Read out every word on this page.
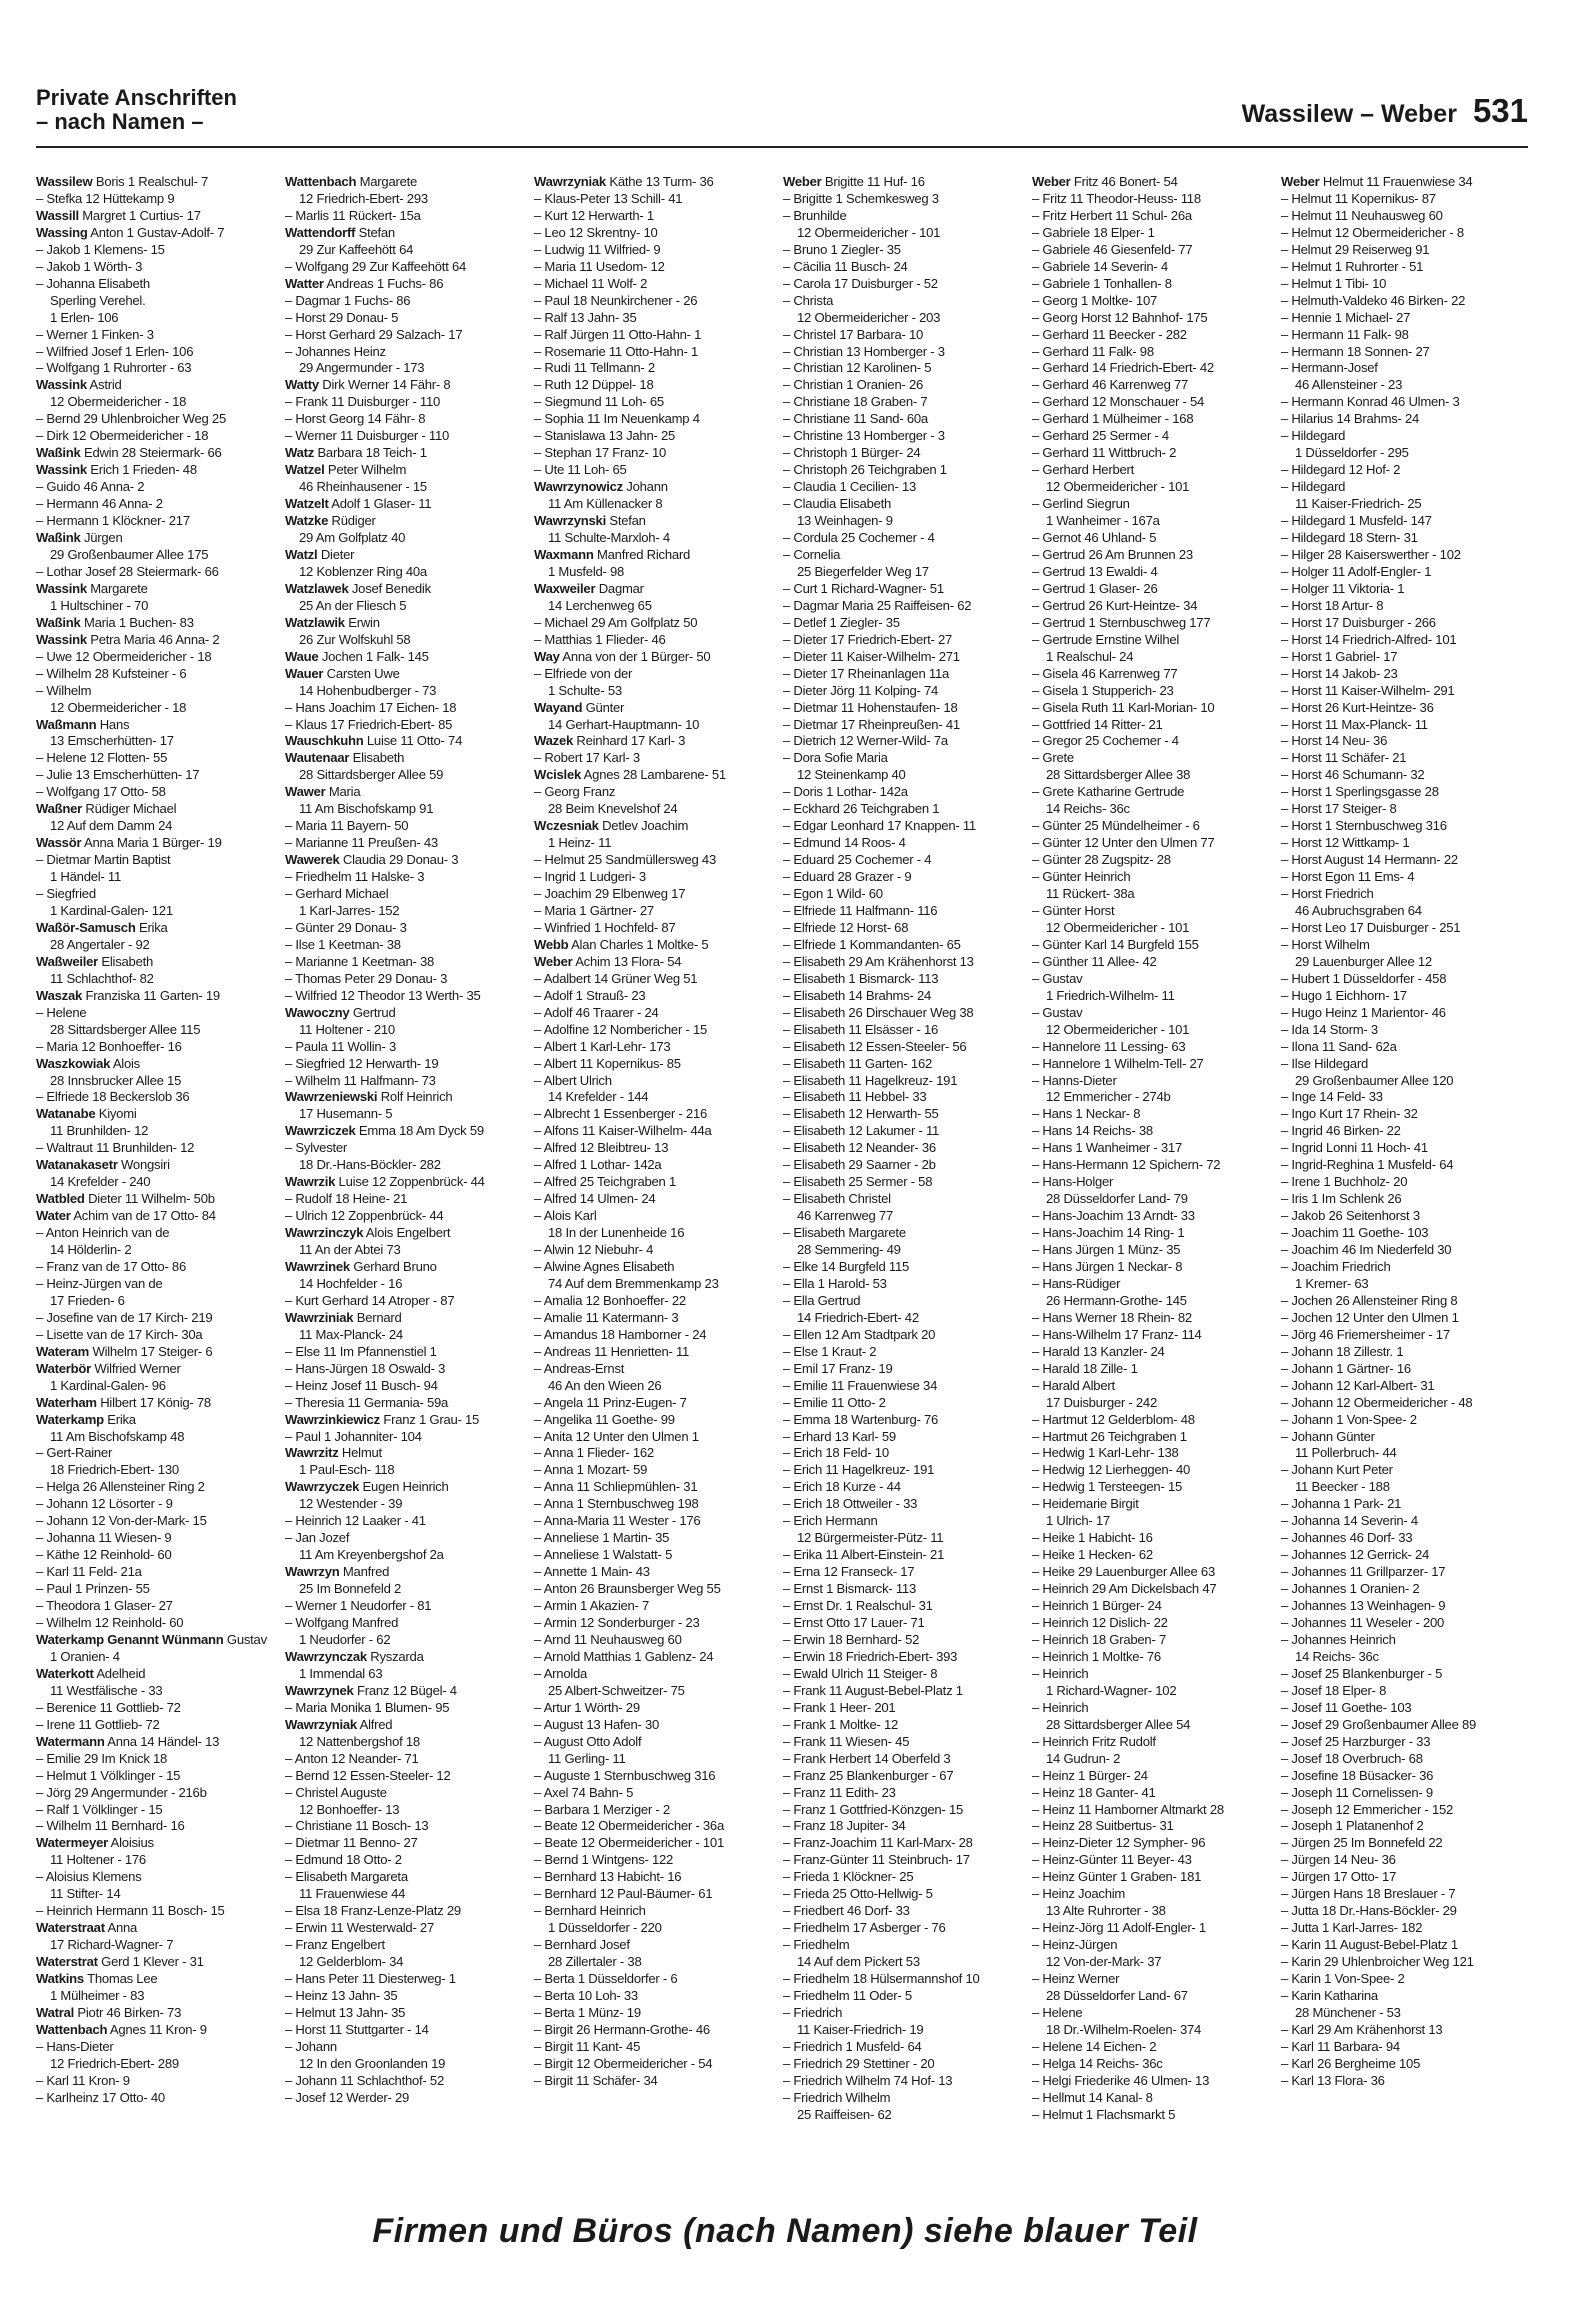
Private Anschriften
– nach Namen –	Wassilew – Weber 531
Wassilew Boris 1 Realschul- 7
– Stefka 12 Hüttekamp 9
Wassill Margret 1 Curtius- 17
Wassing Anton 1 Gustav-Adolf- 7
– Jakob 1 Klemens- 15
– Jakob 1 Wörth- 3
– Johanna Elisabeth
Sperling Verehel.
1 Erlen- 106
– Werner 1 Finken- 3
– Wilfried Josef 1 Erlen- 106
– Wolfgang 1 Ruhrorter - 63
Wassink Astrid
12 Obermeidericher - 18
– Bernd 29 Uhlenbroicher Weg 25
– Dirk 12 Obermeidericher - 18
Waßink Edwin 28 Steiermark- 66
Wassink Erich 1 Frieden- 48
– Guido 46 Anna- 2
– Hermann 46 Anna- 2
– Hermann 1 Klöckner- 217
Waßink Jürgen
29 Großenbaumer Allee 175
– Lothar Josef 28 Steiermark- 66
Wassink Margarete
1 Hultschiner - 70
Waßink Maria 1 Buchen- 83
Wassink Petra Maria 46 Anna- 2
– Uwe 12 Obermeidericher - 18
– Wilhelm 28 Kufsteiner - 6
– Wilhelm
12 Obermeidericher - 18
Waßmann Hans
13 Emscherhütten- 17
– Helene 12 Flotten- 55
– Julie 13 Emscherhütten- 17
– Wolfgang 17 Otto- 58
Waßner Rüdiger Michael
12 Auf dem Damm 24
Wassör Anna Maria 1 Bürger- 19
– Dietmar Martin Baptist
1 Händel- 11
– Siegfried
1 Kardinal-Galen- 121
Waßör-Samusch Erika
28 Angertaler - 92
Waßweiler Elisabeth
11 Schlachthof- 82
Waszak Franziska 11 Garten- 19
– Helene
28 Sittardsberger Allee 115
– Maria 12 Bonhoeffer- 16
Waszkowiak Alois
28 Innsbrucker Allee 15
– Elfriede 18 Beckerslob 36
Watanabe Kiyomi
11 Brunhilden- 12
– Waltraut 11 Brunhilden- 12
Watanakasetr Wongsiri
14 Krefelder - 240
Watbled Dieter 11 Wilhelm- 50b
Water Achim van de 17 Otto- 84
– Anton Heinrich van de
14 Hölderlin- 2
– Franz van de 17 Otto- 86
– Heinz-Jürgen van de
17 Frieden- 6
– Josefine van de 17 Kirch- 219
– Lisette van de 17 Kirch- 30a
Wateram Wilhelm 17 Steiger- 6
Waterbör Wilfried Werner
1 Kardinal-Galen- 96
Waterham Hilbert 17 König- 78
Waterkamp Erika
11 Am Bischofskamp 48
– Gert-Rainer
18 Friedrich-Ebert- 130
– Helga 26 Allensteiner Ring 2
– Johann 12 Lösorter - 9
– Johann 12 Von-der-Mark- 15
– Johanna 11 Wiesen- 9
– Käthe 12 Reinhold- 60
– Karl 11 Feld- 21a
– Paul 1 Prinzen- 55
– Theodora 1 Glaser- 27
– Wilhelm 12 Reinhold- 60
Waterkamp Genannt Wünmann Gustav
1 Oranien- 4
Waterkott Adelheid
11 Westfälische - 33
– Berenice 11 Gottlieb- 72
– Irene 11 Gottlieb- 72
Watermann Anna 14 Händel- 13
– Emilie 29 Im Knick 18
– Helmut 1 Völklinger - 15
– Jörg 29 Angermunder - 216b
– Ralf 1 Völklinger - 15
– Wilhelm 11 Bernhard- 16
Watermeyer Aloisius
11 Holtener - 176
– Aloisius Klemens
11 Stifter- 14
– Heinrich Hermann 11 Bosch- 15
Waterstraat Anna
17 Richard-Wagner- 7
Waterstrat Gerd 1 Klever - 31
Watkins Thomas Lee
1 Mülheimer - 83
Watral Piotr 46 Birken- 73
Wattenbach Agnes 11 Kron- 9
– Hans-Dieter
12 Friedrich-Ebert- 289
– Karl 11 Kron- 9
– Karlheinz 17 Otto- 40
Wattenbach Margarete
12 Friedrich-Ebert- 293
– Marlis 11 Rückert- 15a
Wattendorff Stefan
29 Zur Kaffeehött 64
– Wolfgang 29 Zur Kaffeehött 64
Watter Andreas 1 Fuchs- 86
– Dagmar 1 Fuchs- 86
– Horst 29 Donau- 5
– Horst Gerhard 29 Salzach- 17
– Johannes Heinz
29 Angermunder - 173
Watty Dirk Werner 14 Fähr- 8
– Frank 11 Duisburger - 110
– Horst Georg 14 Fähr- 8
– Werner 11 Duisburger - 110
Watz Barbara 18 Teich- 1
Watzel Peter Wilhelm
46 Rheinhausener - 15
Watzelt Adolf 1 Glaser- 11
Watzke Rüdiger
29 Am Golfplatz 40
Watzl Dieter
12 Koblenzer Ring 40a
Watzlawek Josef Benedik
25 An der Fliesch 5
Watzlawik Erwin
26 Zur Wolfskuhl 58
Waue Jochen 1 Falk- 145
Wauer Carsten Uwe
14 Hohenbudberger - 73
– Hans Joachim 17 Eichen- 18
– Klaus 17 Friedrich-Ebert- 85
Wauschkuhn Luise 11 Otto- 74
Wautenaar Elisabeth
28 Sittardsberger Allee 59
Wawer Maria
11 Am Bischofskamp 91
– Maria 11 Bayern- 50
– Marianne 11 Preußen- 43
Wawerek Claudia 29 Donau- 3
– Friedhelm 11 Halske- 3
– Gerhard Michael
1 Karl-Jarres- 152
– Günter 29 Donau- 3
– Ilse 1 Keetman- 38
– Marianne 1 Keetman- 38
– Thomas Peter 29 Donau- 3
– Wilfried 12 Theodor 13 Werth- 35
Wawoczny Gertrud
11 Holtener - 210
– Paula 11 Wollin- 3
– Siegfried 12 Herwarth- 19
– Wilhelm 11 Halfmann- 73
Wawrzeniewski Rolf Heinrich
17 Husemann- 5
Wawrziczek Emma 18 Am Dyck 59
– Sylvester
18 Dr.-Hans-Böckler- 282
Wawrzik Luise 12 Zoppenbrück- 44
– Rudolf 18 Heine- 21
– Ulrich 12 Zoppenbrück- 44
Wawrzinczyk Alois Engelbert
11 An der Abtei 73
Wawrzinek Gerhard Bruno
14 Hochfelder - 16
– Kurt Gerhard 14 Atroper - 87
Wawrziniak Bernard
11 Max-Planck- 24
– Else 11 Im Pfannenstiel 1
– Hans-Jürgen 18 Oswald- 3
– Heinz Josef 11 Busch- 94
– Theresia 11 Germania- 59a
Wawrzinkiewicz Franz 1 Grau- 15
– Paul 1 Johanniter- 104
Wawrzitz Helmut
1 Paul-Esch- 118
Wawrzyczek Eugen Heinrich
12 Westender - 39
– Heinrich 12 Laaker - 41
– Jan Jozef
11 Am Kreyenbergshof 2a
Wawrzyn Manfred
25 Im Bonnefeld 2
– Werner 1 Neudorfer - 81
– Wolfgang Manfred
1 Neudorfer - 62
Wawrzynczak Ryszarda
1 Immendal 63
Wawrzynek Franz 12 Bügel- 4
– Maria Monika 1 Blumen- 95
Wawrzyniak Alfred
12 Nattenbergshof 18
– Anton 12 Neander- 71
– Bernd 12 Essen-Steeler- 12
– Christel Auguste
12 Bonhoeffer- 13
– Christiane 11 Bosch- 13
– Dietmar 11 Benno- 27
– Edmund 18 Otto- 2
– Elisabeth Margareta
11 Frauenwiese 44
– Elsa 18 Franz-Lenze-Platz 29
– Erwin 11 Westerwald- 27
– Franz Engelbert
12 Gelderblom- 34
– Hans Peter 11 Diesterweg- 1
– Heinz 13 Jahn- 35
– Helmut 13 Jahn- 35
– Horst 11 Stuttgarter - 14
– Johann
12 In den Groonlanden 19
– Johann 11 Schlachthof- 52
– Josef 12 Werder- 29
Wawrzyniak Käthe 13 Turm- 36
– Klaus-Peter 13 Schill- 41
– Kurt 12 Herwarth- 1
– Leo 12 Skrentny- 10
– Ludwig 11 Wilfried- 9
– Maria 11 Usedom- 12
– Michael 11 Wolf- 2
– Paul 18 Neunkirchener - 26
– Ralf 13 Jahn- 35
– Ralf Jürgen 11 Otto-Hahn- 1
– Rosemarie 11 Otto-Hahn- 1
– Rudi 11 Tellmann- 2
– Ruth 12 Düppel- 18
– Siegmund 11 Loh- 65
– Sophia 11 Im Neuenkamp 4
– Stanislawa 13 Jahn- 25
– Stephan 17 Franz- 10
– Ute 11 Loh- 65
Wawrzynowicz Johann
11 Am Küllenacker 8
Wawrzynski Stefan
11 Schulte-Marxloh- 4
Waxmann Manfred Richard
1 Musfeld- 98
Waxweiler Dagmar
14 Lerchenweg 65
– Michael 29 Am Golfplatz 50
– Matthias 1 Flieder- 46
Way Anna von der 1 Bürger- 50
– Elfriede von der
1 Schulte- 53
Wayand Günter
14 Gerhart-Hauptmann- 10
Wazek Reinhard 17 Karl- 3
– Robert 17 Karl- 3
Wcislek Agnes 28 Lambarene- 51
– Georg Franz
28 Beim Knevelshof 24
Wczesniak Detlev Joachim
1 Heinz- 11
– Helmut 25 Sandmüllersweg 43
– Ingrid 1 Ludgeri- 3
– Joachim 29 Elbenweg 17
– Maria 1 Gärtner- 27
– Winfried 1 Hochfeld- 87
Webb Alan Charles 1 Moltke- 5
Weber Achim 13 Flora- 54
– Adalbert 14 Grüner Weg 51
– Adolf 1 Strauß- 23
– Adolf 46 Traarer - 24
– Adolfine 12 Nombericher - 15
– Albert 1 Karl-Lehr- 173
– Albert 11 Kopernikus- 85
– Albert Ulrich
14 Krefelder - 144
– Albrecht 1 Essenberger - 216
– Alfons 11 Kaiser-Wilhelm- 44a
– Alfred 12 Bleibtreu- 13
– Alfred 1 Lothar- 142a
– Alfred 25 Teichgraben 1
– Alfred 14 Ulmen- 24
– Alois Karl
18 In der Lunenheide 16
– Alwin 12 Niebuhr- 4
– Alwine Agnes Elisabeth
74 Auf dem Bremmenkamp 23
– Amalia 12 Bonhoeffer- 22
– Amalie 11 Katermann- 3
– Amandus 18 Hamborner - 24
– Andreas 11 Henrietten- 11
– Andreas-Ernst
46 An den Wieen 26
– Angela 11 Prinz-Eugen- 7
– Angelika 11 Goethe- 99
– Anita 12 Unter den Ulmen 1
– Anna 1 Flieder- 162
– Anna 1 Mozart- 59
– Anna 11 Schliepmühlen- 31
– Anna 1 Sternbuschweg 198
– Anna-Maria 11 Wester - 176
– Anneliese 1 Martin- 35
– Anneliese 1 Walstatt- 5
– Annette 1 Main- 43
– Anton 26 Braunsberger Weg 55
– Armin 1 Akazien- 7
– Armin 12 Sonderburger - 23
– Arnd 11 Neuhausweg 60
– Arnold Matthias 1 Gablenz- 24
– Arnolda
25 Albert-Schweitzer- 75
– Artur 1 Wörth- 29
– August 13 Hafen- 30
– August Otto Adolf
11 Gerling- 11
– Auguste 1 Sternbuschweg 316
– Axel 74 Bahn- 5
– Barbara 1 Merziger - 2
– Beate 12 Obermeidericher - 36a
– Beate 12 Obermeidericher - 101
– Bernd 1 Wintgens- 122
– Bernhard 13 Habicht- 16
– Bernhard 12 Paul-Bäumer- 61
– Bernhard Heinrich
1 Düsseldorfer - 220
– Bernhard Josef
28 Zillertaler - 38
– Berta 1 Düsseldorfer - 6
– Berta 10 Loh- 33
– Berta 1 Münz- 19
– Birgit 26 Hermann-Grothe- 46
– Birgit 11 Kant- 45
– Birgit 12 Obermeidericher - 54
– Birgit 11 Schäfer- 34
Weber Brigitte 11 Huf- 16
– Brigitte 1 Schemkesweg 3
– Brunhilde
12 Obermeidericher - 101
– Bruno 1 Ziegler- 35
– Cäcilia 11 Busch- 24
– Carola 17 Duisburger - 52
– Christa
12 Obermeidericher - 203
– Christel 17 Barbara- 10
– Christian 13 Homberger - 3
– Christian 12 Karolinen- 5
– Christian 1 Oranien- 26
– Christiane 18 Graben- 7
– Christiane 11 Sand- 60a
– Christine 13 Homberger - 3
– Christoph 1 Bürger- 24
– Christoph 26 Teichgraben 1
– Claudia 1 Cecilien- 13
– Claudia Elisabeth
13 Weinhagen- 9
– Cordula 25 Cochemer - 4
– Cornelia
25 Biegerfelder Weg 17
– Curt 1 Richard-Wagner- 51
– Dagmar Maria 25 Raiffeisen- 62
– Detlef 1 Ziegler- 35
– Dieter 17 Friedrich-Ebert- 27
– Dieter 11 Kaiser-Wilhelm- 271
– Dieter 17 Rheinanlagen 11a
– Dieter Jörg 11 Kolping- 74
– Dietmar 11 Hohenstaufen- 18
– Dietmar 17 Rheinpreußen- 41
– Dietrich 12 Werner-Wild- 7a
– Dora Sofie Maria
12 Steinenkamp 40
– Doris 1 Lothar- 142a
– Eckhard 26 Teichgraben 1
– Edgar Leonhard 17 Knappen- 11
– Edmund 14 Roos- 4
– Eduard 25 Cochemer - 4
– Eduard 28 Grazer - 9
– Egon 1 Wild- 60
– Elfriede 11 Halfmann- 116
– Elfriede 12 Horst- 68
– Elfriede 1 Kommandanten- 65
– Elisabeth 29 Am Krähenhorst 13
– Elisabeth 1 Bismarck- 113
– Elisabeth 14 Brahms- 24
– Elisabeth 26 Dirschauer Weg 38
– Elisabeth 11 Elsässer - 16
– Elisabeth 12 Essen-Steeler- 56
– Elisabeth 11 Garten- 162
– Elisabeth 11 Hagelkreuz- 191
– Elisabeth 11 Hebbel- 33
– Elisabeth 12 Herwarth- 55
– Elisabeth 12 Lakumer - 11
– Elisabeth 12 Neander- 36
– Elisabeth 29 Saarner - 2b
– Elisabeth 25 Sermer - 58
– Elisabeth Christel
46 Karrenweg 77
– Elisabeth Margarete
28 Semmering- 49
– Elke 14 Burgfeld 115
– Ella 1 Harold- 53
– Ella Gertrud
14 Friedrich-Ebert- 42
– Ellen 12 Am Stadtpark 20
– Else 1 Kraut- 2
– Emil 17 Franz- 19
– Emilie 11 Frauenwiese 34
– Emilie 11 Otto- 2
– Emma 18 Wartenburg- 76
– Erhard 13 Karl- 59
– Erich 18 Feld- 10
– Erich 11 Hagelkreuz- 191
– Erich 18 Kurze - 44
– Erich 18 Ottweiler - 33
– Erich Hermann
12 Bürgermeister-Pütz- 11
– Erika 11 Albert-Einstein- 21
– Erna 12 Franseck- 17
– Ernst 1 Bismarck- 113
– Ernst Dr. 1 Realschul- 31
– Ernst Otto 17 Lauer- 71
– Erwin 18 Bernhard- 52
– Erwin 18 Friedrich-Ebert- 393
– Ewald Ulrich 11 Steiger- 8
– Frank 11 August-Bebel-Platz 1
– Frank 1 Heer- 201
– Frank 1 Moltke- 12
– Frank 11 Wiesen- 45
– Frank Herbert 14 Oberfeld 3
– Franz 25 Blankenburger - 67
– Franz 11 Edith- 23
– Franz 1 Gottfried-Könzgen- 15
– Franz 18 Jupiter- 34
– Franz-Joachim 11 Karl-Marx- 28
– Franz-Günter 11 Steinbruch- 17
– Frieda 1 Klöckner- 25
– Frieda 25 Otto-Hellwig- 5
– Friedbert 46 Dorf- 33
– Friedhelm 17 Asberger - 76
– Friedhelm
14 Auf dem Pickert 53
– Friedhelm 18 Hülsermannshof 10
– Friedhelm 11 Oder- 5
– Friedrich
11 Kaiser-Friedrich- 19
– Friedrich 1 Musfeld- 64
– Friedrich 29 Stettiner - 20
– Friedrich Wilhelm 74 Hof- 13
– Friedrich Wilhelm
25 Raiffeisen- 62
Weber Fritz 46 Bonert- 54
– Fritz 11 Theodor-Heuss- 118
– Fritz Herbert 11 Schul- 26a
– Gabriele 18 Elper- 1
– Gabriele 46 Giesenfeld- 77
– Gabriele 14 Severin- 4
– Gabriele 1 Tonhallen- 8
– Georg 1 Moltke- 107
– Georg Horst 12 Bahnhof- 175
– Gerhard 11 Beecker - 282
– Gerhard 11 Falk- 98
– Gerhard 14 Friedrich-Ebert- 42
– Gerhard 46 Karrenweg 77
– Gerhard 12 Monschauer - 54
– Gerhard 1 Mülheimer - 168
– Gerhard 25 Sermer - 4
– Gerhard 11 Wittbruch- 2
– Gerhard Herbert
12 Obermeidericher - 101
– Gerlind Siegrun
1 Wanheimer - 167a
– Gernot 46 Uhland- 5
– Gertrud 26 Am Brunnen 23
– Gertrud 13 Ewaldi- 4
– Gertrud 1 Glaser- 26
– Gertrud 26 Kurt-Heintze- 34
– Gertrud 1 Sternbuschweg 177
– Gertrude Ernstine Wilhel
1 Realschul- 24
– Gisela 46 Karrenweg 77
– Gisela 1 Stupperich- 23
– Gisela Ruth 11 Karl-Morian- 10
– Gottfried 14 Ritter- 21
– Gregor 25 Cochemer - 4
– Grete
28 Sittardsberger Allee 38
– Grete Katharine Gertrude
14 Reichs- 36c
– Günter 25 Mündelheimer - 6
– Günter 12 Unter den Ulmen 77
– Günter 28 Zugspitz- 28
– Günter Heinrich
11 Rückert- 38a
– Günter Horst
12 Obermeidericher - 101
– Günter Karl 14 Burgfeld 155
– Günther 11 Allee- 42
– Gustav
1 Friedrich-Wilhelm- 11
– Gustav
12 Obermeidericher - 101
– Hannelore 11 Lessing- 63
– Hannelore 1 Wilhelm-Tell- 27
– Hanns-Dieter
12 Emmericher - 274b
– Hans 1 Neckar- 8
– Hans 14 Reichs- 38
– Hans 1 Wanheimer - 317
– Hans-Hermann 12 Spichern- 72
– Hans-Holger
28 Düsseldorfer Land- 79
– Hans-Joachim 13 Arndt- 33
– Hans-Joachim 14 Ring- 1
– Hans Jürgen 1 Münz- 35
– Hans Jürgen 1 Neckar- 8
– Hans-Rüdiger
26 Hermann-Grothe- 145
– Hans Werner 18 Rhein- 82
– Hans-Wilhelm 17 Franz- 114
– Harald 13 Kanzler- 24
– Harald 18 Zille- 1
– Harald Albert
17 Duisburger - 242
– Hartmut 12 Gelderblom- 48
– Hartmut 26 Teichgraben 1
– Hedwig 1 Karl-Lehr- 138
– Hedwig 12 Lierheggen- 40
– Hedwig 1 Tersteegen- 15
– Heidemarie Birgit
1 Ulrich- 17
– Heike 1 Habicht- 16
– Heike 1 Hecken- 62
– Heike 29 Lauenburger Allee 63
– Heinrich 29 Am Dickelsbach 47
– Heinrich 1 Bürger- 24
– Heinrich 12 Dislich- 22
– Heinrich 18 Graben- 7
– Heinrich 1 Moltke- 76
– Heinrich
1 Richard-Wagner- 102
– Heinrich
28 Sittardsberger Allee 54
– Heinrich Fritz Rudolf
14 Gudrun- 2
– Heinz 1 Bürger- 24
– Heinz 18 Ganter- 41
– Heinz 11 Hamborner Altmarkt 28
– Heinz 28 Suitbertus- 31
– Heinz-Dieter 12 Sympher- 96
– Heinz-Günter 11 Beyer- 43
– Heinz Günter 1 Graben- 181
– Heinz Joachim
13 Alte Ruhrorter - 38
– Heinz-Jörg 11 Adolf-Engler- 1
– Heinz-Jürgen
12 Von-der-Mark- 37
– Heinz Werner
28 Düsseldorfer Land- 67
– Helene
18 Dr.-Wilhelm-Roelen- 374
– Helene 14 Eichen- 2
– Helga 14 Reichs- 36c
– Helgi Friederike 46 Ulmen- 13
– Hellmut 14 Kanal- 8
– Helmut 1 Flachsmarkt 5
Weber Helmut 11 Frauenwiese 34
– Helmut 11 Kopernikus- 87
– Helmut 11 Neuhausweg 60
– Helmut 12 Obermeidericher - 8
– Helmut 29 Reiserweg 91
– Helmut 1 Ruhrorter - 51
– Helmut 1 Tibi- 10
– Helmuth-Valdeko 46 Birken- 22
– Hennie 1 Michael- 27
– Hermann 11 Falk- 98
– Hermann 18 Sonnen- 27
– Hermann-Josef
46 Allensteiner - 23
– Hermann Konrad 46 Ulmen- 3
– Hilarius 14 Brahms- 24
– Hildegard
1 Düsseldorfer - 295
– Hildegard 12 Hof- 2
– Hildegard
11 Kaiser-Friedrich- 25
– Hildegard 1 Musfeld- 147
– Hildegard 18 Stern- 31
– Hilger 28 Kaiserswerther - 102
– Holger 11 Adolf-Engler- 1
– Holger 11 Viktoria- 1
– Horst 18 Artur- 8
– Horst 17 Duisburger - 266
– Horst 14 Friedrich-Alfred- 101
– Horst 1 Gabriel- 17
– Horst 14 Jakob- 23
– Horst 11 Kaiser-Wilhelm- 291
– Horst 26 Kurt-Heintze- 36
– Horst 11 Max-Planck- 11
– Horst 14 Neu- 36
– Horst 11 Schäfer- 21
– Horst 46 Schumann- 32
– Horst 1 Sperlingsgasse 28
– Horst 17 Steiger- 8
– Horst 1 Sternbuschweg 316
– Horst 12 Wittkamp- 1
– Horst August 14 Hermann- 22
– Horst Egon 11 Ems- 4
– Horst Friedrich
46 Aubruchsgraben 64
– Horst Leo 17 Duisburger - 251
– Horst Wilhelm
29 Lauenburger Allee 12
– Hubert 1 Düsseldorfer - 458
– Hugo 1 Eichhorn- 17
– Hugo Heinz 1 Marientor- 46
– Ida 14 Storm- 3
– Ilona 11 Sand- 62a
– Ilse Hildegard
29 Großenbaumer Allee 120
– Inge 14 Feld- 33
– Ingo Kurt 17 Rhein- 32
– Ingrid 46 Birken- 22
– Ingrid Lonni 11 Hoch- 41
– Ingrid-Reghina 1 Musfeld- 64
– Irene 1 Buchholz- 20
– Iris 1 Im Schlenk 26
– Jakob 26 Seitenhorst 3
– Joachim 11 Goethe- 103
– Joachim 46 Im Niederfeld 30
– Joachim Friedrich
1 Kremer- 63
– Jochen 26 Allensteiner Ring 8
– Jochen 12 Unter den Ulmen 1
– Jörg 46 Friemersheimer - 17
– Johann 18 Zillestr. 1
– Johann 1 Gärtner- 16
– Johann 12 Karl-Albert- 31
– Johann 12 Obermeidericher - 48
– Johann 1 Von-Spee- 2
– Johann Günter
11 Pollerbruch- 44
– Johann Kurt Peter
11 Beecker - 188
– Johanna 1 Park- 21
– Johanna 14 Severin- 4
– Johannes 46 Dorf- 33
– Johannes 12 Gerrick- 24
– Johannes 11 Grillparzer- 17
– Johannes 1 Oranien- 2
– Johannes 13 Weinhagen- 9
– Johannes 11 Weseler - 200
– Johannes Heinrich
14 Reichs- 36c
– Josef 25 Blankenburger - 5
– Josef 18 Elper- 8
– Josef 11 Goethe- 103
– Josef 29 Großenbaumer Allee 89
– Josef 25 Harzburger - 33
– Josef 18 Overbruch- 68
– Josefine 18 Büsacker- 36
– Joseph 11 Cornelissen- 9
– Joseph 12 Emmericher - 152
– Joseph 1 Platanenhof 2
– Jürgen 25 Im Bonnefeld 22
– Jürgen 14 Neu- 36
– Jürgen 17 Otto- 17
– Jürgen Hans 18 Breslauer - 7
– Jutta 18 Dr.-Hans-Böckler- 29
– Jutta 1 Karl-Jarres- 182
– Karin 11 August-Bebel-Platz 1
– Karin 29 Uhlenbroicher Weg 121
– Karin 1 Von-Spee- 2
– Karin Katharina
28 Münchener - 53
– Karl 29 Am Krähenhorst 13
– Karl 11 Barbara- 94
– Karl 26 Bergheime 105
– Karl 13 Flora- 36
Firmen und Büros (nach Namen) siehe blauer Teil
